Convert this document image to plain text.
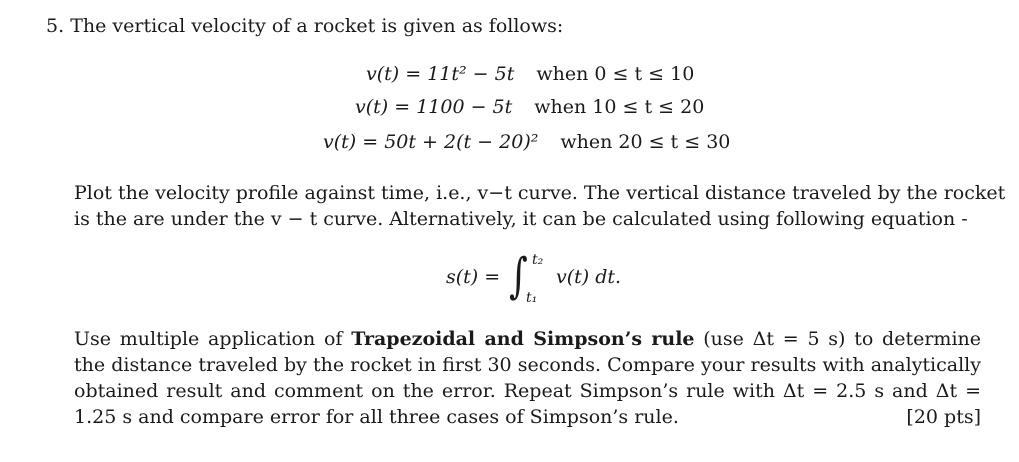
5. The vertical velocity of a rocket is given as follows:
v(t) = 11t² − 5t when 0 ≤ t ≤ 10
v(t) = 1100 − 5t when 10 ≤ t ≤ 20
v(t) = 50t + 2(t − 20)² when 20 ≤ t ≤ 30
Plot the velocity profile against time, i.e., v−t curve. The vertical distance traveled by the rocket
is the are under the v − t curve. Alternatively, it can be calculated using following equation -
s(t) = ∫ t₂
t₁
v(t) dt.
Use multiple application of Trapezoidal and Simpson’s rule (use Δt = 5 s) to determine
the distance traveled by the rocket in first 30 seconds. Compare your results with analytically
obtained result and comment on the error. Repeat Simpson’s rule with Δt = 2.5 s and Δt =
1.25 s and compare error for all three cases of Simpson’s rule.	[20 pts]
